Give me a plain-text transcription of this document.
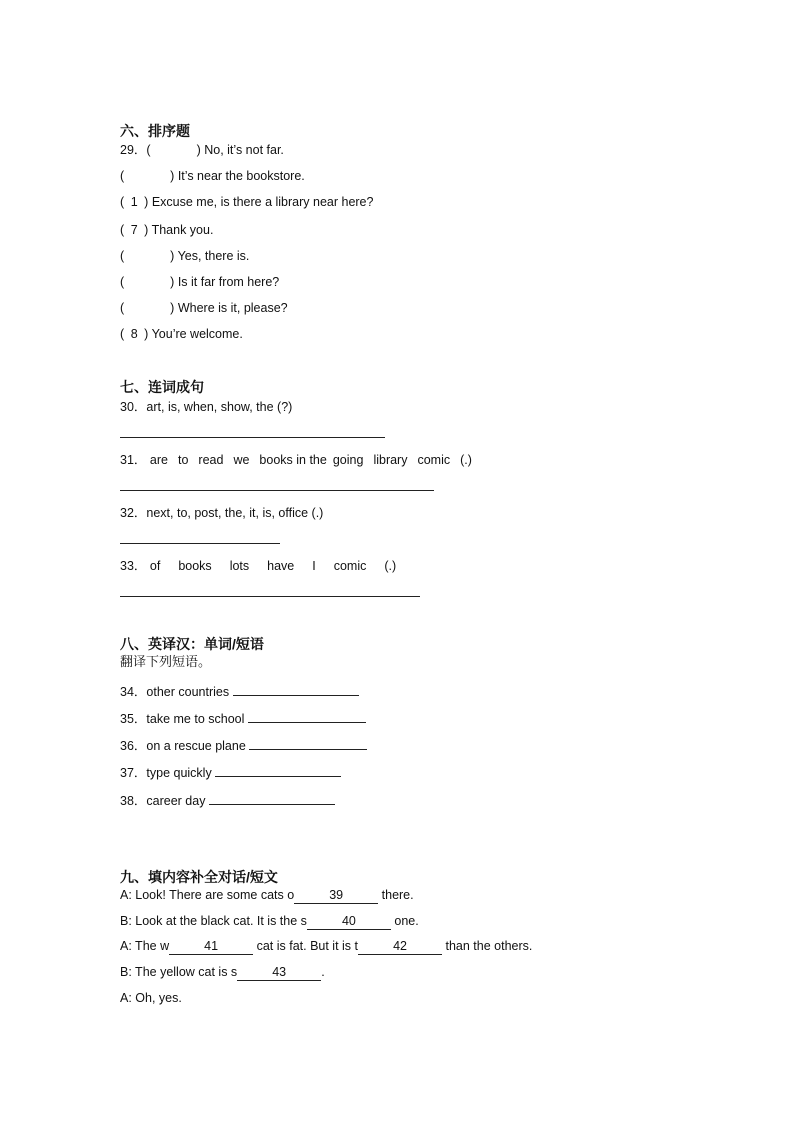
六、排序题
29．(	) No, it’s not far.
(	) It’s near the bookstore.
( 1 ) Excuse me, is there a library near here?
( 7 ) Thank you.
(	) Yes, there is.
(	) Is it far from here?
(	) Where is it, please?
( 8 ) You’re welcome.
七、连词成句
30．art, is, when, show, the (?)
31． are to read we books in the going library comic (.)
32．next, to, post, the, it, is, office (.)
33． of books lots have I comic (.)
八、英译汉：单词/短语
翻译下列短语。
34．other countries
35．take me to school
36．on a rescue plane
37．type quickly
38．career day
九、填内容补全对话/短文
A: Look! There are some cats o	39	there.
B: Look at the black cat. It is the s	40	one.
A: The w	41	cat is fat. But it is t	42	than the others.
B: The yellow cat is s	43	.
A: Oh, yes.
